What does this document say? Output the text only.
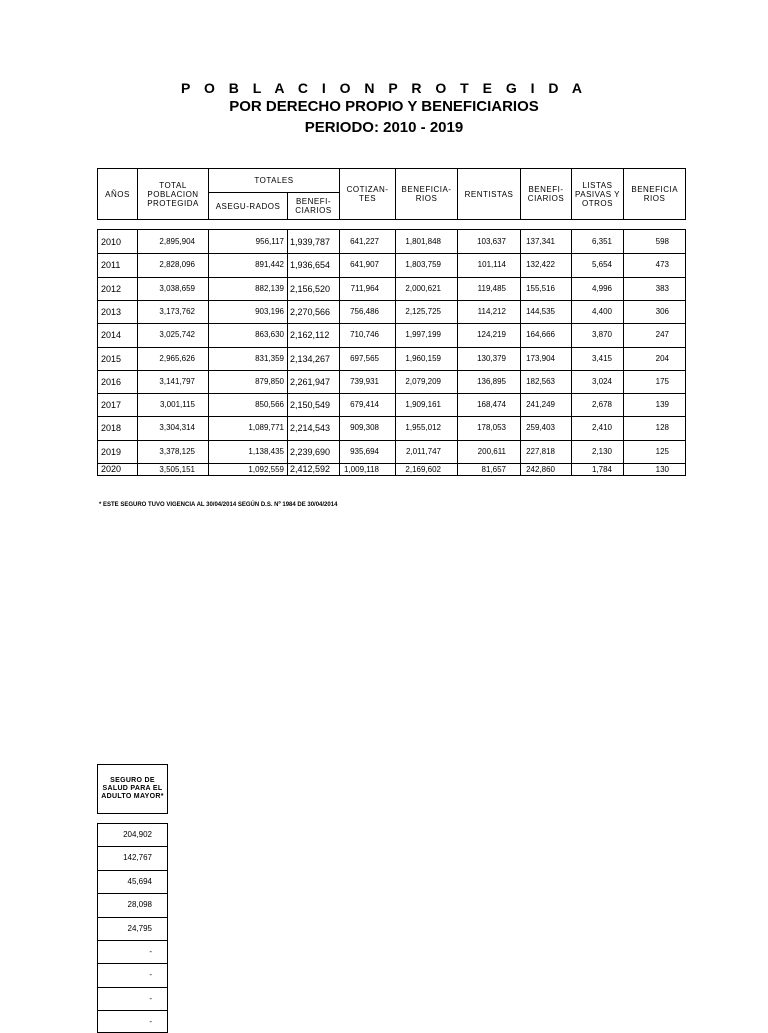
P O B L A C I O N P R O T E G I D A
POR DERECHO PROPIO Y BENEFICIARIOS
PERIODO: 2010 - 2019
AÑOS
TOTAL POBLACION PROTEGIDA
TOTALES
ASEGU-RADOS	BENEFI-CIARIOS
COTIZAN-TES
BENEFICIA-RIOS	RENTISTAS	BENEFI-CIARIOS
LISTAS PASIVAS Y OTROS
BENEFICIA RIOS
2010	2,895,904	956,117 1,939,787	641,227	1,801,848	103,637	137,341	6,351	598
2011	2,828,096	891,442 1,936,654	641,907	1,803,759	101,114	132,422	5,654	473
2012	3,038,659	882,139 2,156,520	711,964	2,000,621	119,485	155,516	4,996	383
2013	3,173,762	903,196 2,270,566	756,486	2,125,725	114,212	144,535	4,400	306
2014	3,025,742	863,630 2,162,112	710,746	1,997,199	124,219	164,666	3,870	247
2015	2,965,626	831,359 2,134,267	697,565	1,960,159	130,379	173,904	3,415	204
2016	3,141,797	879,850 2,261,947	739,931	2,079,209	136,895	182,563	3,024	175
2017	3,001,115	850,566 2,150,549	679,414	1,909,161	168,474	241,249	2,678	139
2018	3,304,314	1,089,771 2,214,543	909,308	1,955,012	178,053	259,403	2,410	128
2019	3,378,125	1,138,435 2,239,690	935,694	2,011,747	200,611	227,818	2,130	125
2020	3,505,151	1,092,559 2,412,592	1,009,118	2,169,602	81,657	242,860	1,784	130
* ESTE SEGURO TUVO VIGENCIA AL 30/04/2014 SEGÚN D.S. Nº 1984 DE 30/04/2014
SEGURO DE SALUD PARA EL ADULTO MAYOR*
204,902
142,767
45,694
28,098
24,795
-
-
-
-
